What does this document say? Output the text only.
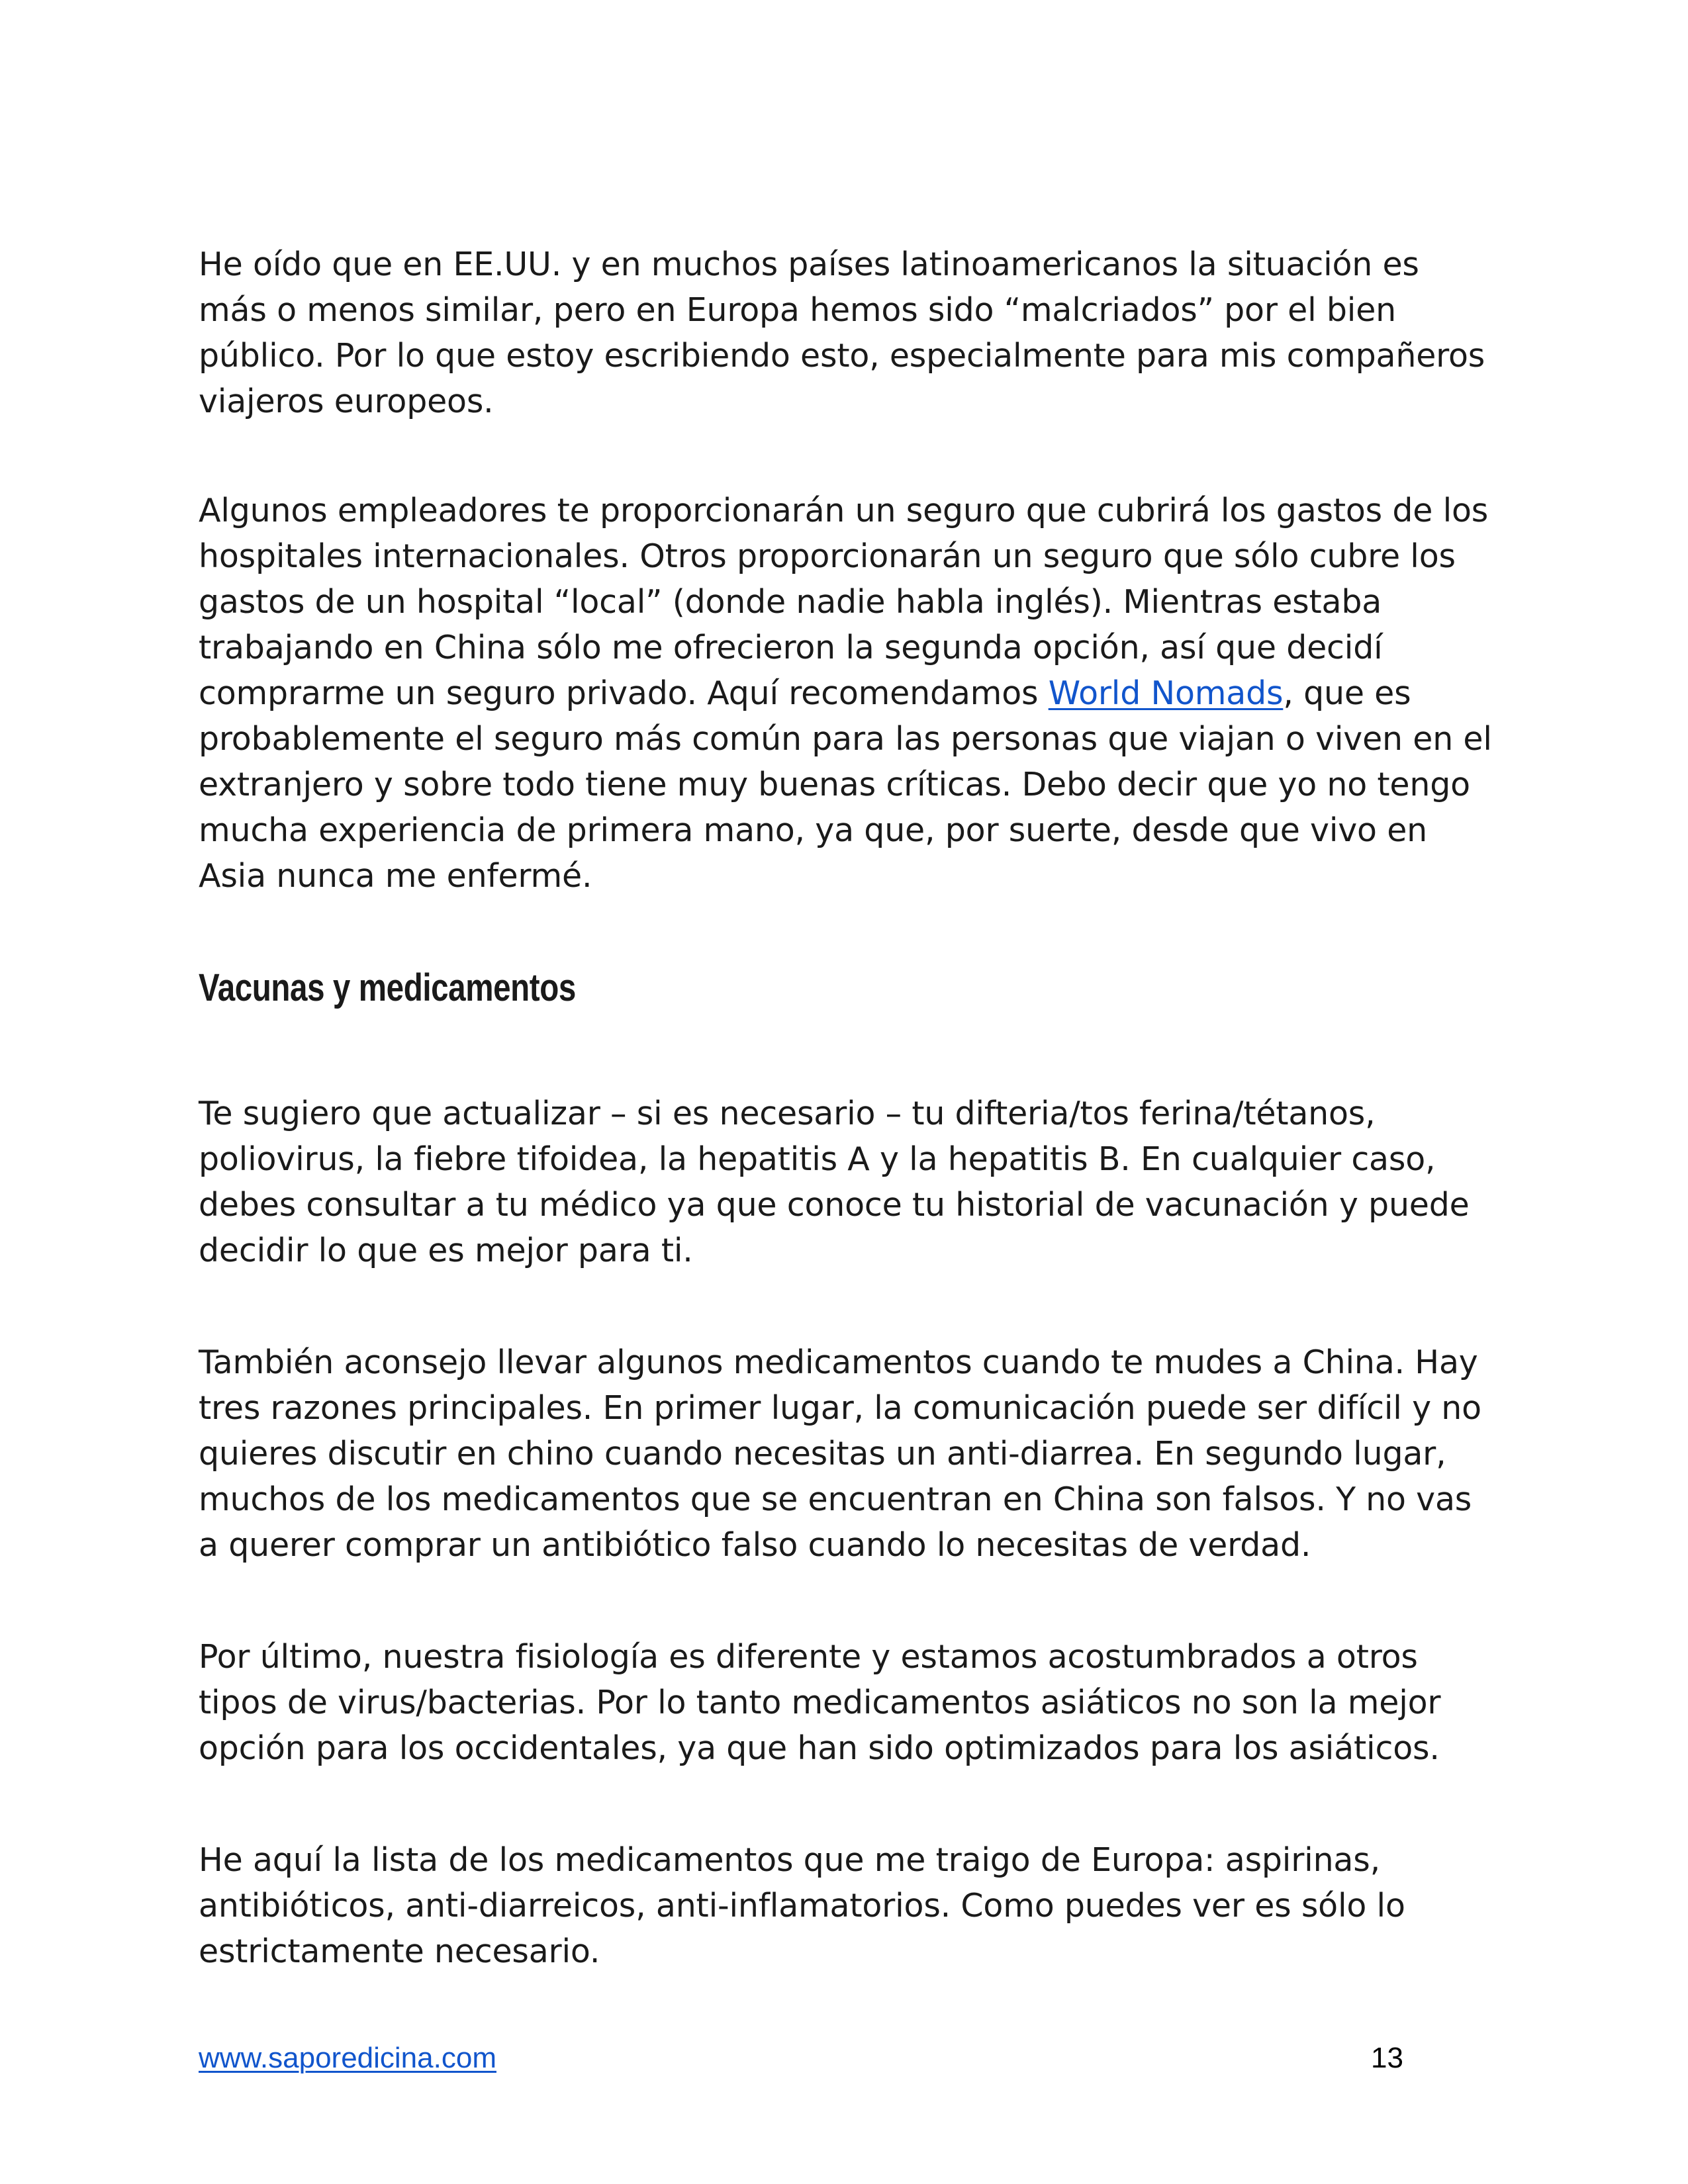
He oído que en EE.UU. y en muchos países latinoamericanos la situación es más o menos similar, pero en Europa hemos sido “malcriados” por el bien público. Por lo que estoy escribiendo esto, especialmente para mis compañeros viajeros europeos.

Algunos empleadores te proporcionarán un seguro que cubrirá los gastos de los hospitales internacionales. Otros proporcionarán un seguro que sólo cubre los gastos de un hospital “local” (donde nadie habla inglés). Mientras estaba trabajando en China sólo me ofrecieron la segunda opción, así que decidí comprarme un seguro privado. Aquí recomendamos World Nomads, que es probablemente el seguro más común para las personas que viajan o viven en el extranjero y sobre todo tiene muy buenas críticas. Debo decir que yo no tengo mucha experiencia de primera mano, ya que, por suerte, desde que vivo en Asia nunca me enfermé.

Vacunas y medicamentos

Te sugiero que actualizar – si es necesario – tu difteria/tos ferina/tétanos, poliovirus, la fiebre tifoidea, la hepatitis A y la hepatitis B. En cualquier caso, debes consultar a tu médico ya que conoce tu historial de vacunación y puede decidir lo que es mejor para ti.

También aconsejo llevar algunos medicamentos cuando te mudes a China. Hay tres razones principales. En primer lugar, la comunicación puede ser difícil y no quieres discutir en chino cuando necesitas un anti-diarrea. En segundo lugar, muchos de los medicamentos que se encuentran en China son falsos. Y no vas a querer comprar un antibiótico falso cuando lo necesitas de verdad.

Por último, nuestra fisiología es diferente y estamos acostumbrados a otros tipos de virus/bacterias. Por lo tanto medicamentos asiáticos no son la mejor opción para los occidentales, ya que han sido optimizados para los asiáticos.

He aquí la lista de los medicamentos que me traigo de Europa: aspirinas, antibióticos, anti-diarreicos, anti-inflamatorios. Como puedes ver es sólo lo estrictamente necesario.

www.saporedicina.com	13
